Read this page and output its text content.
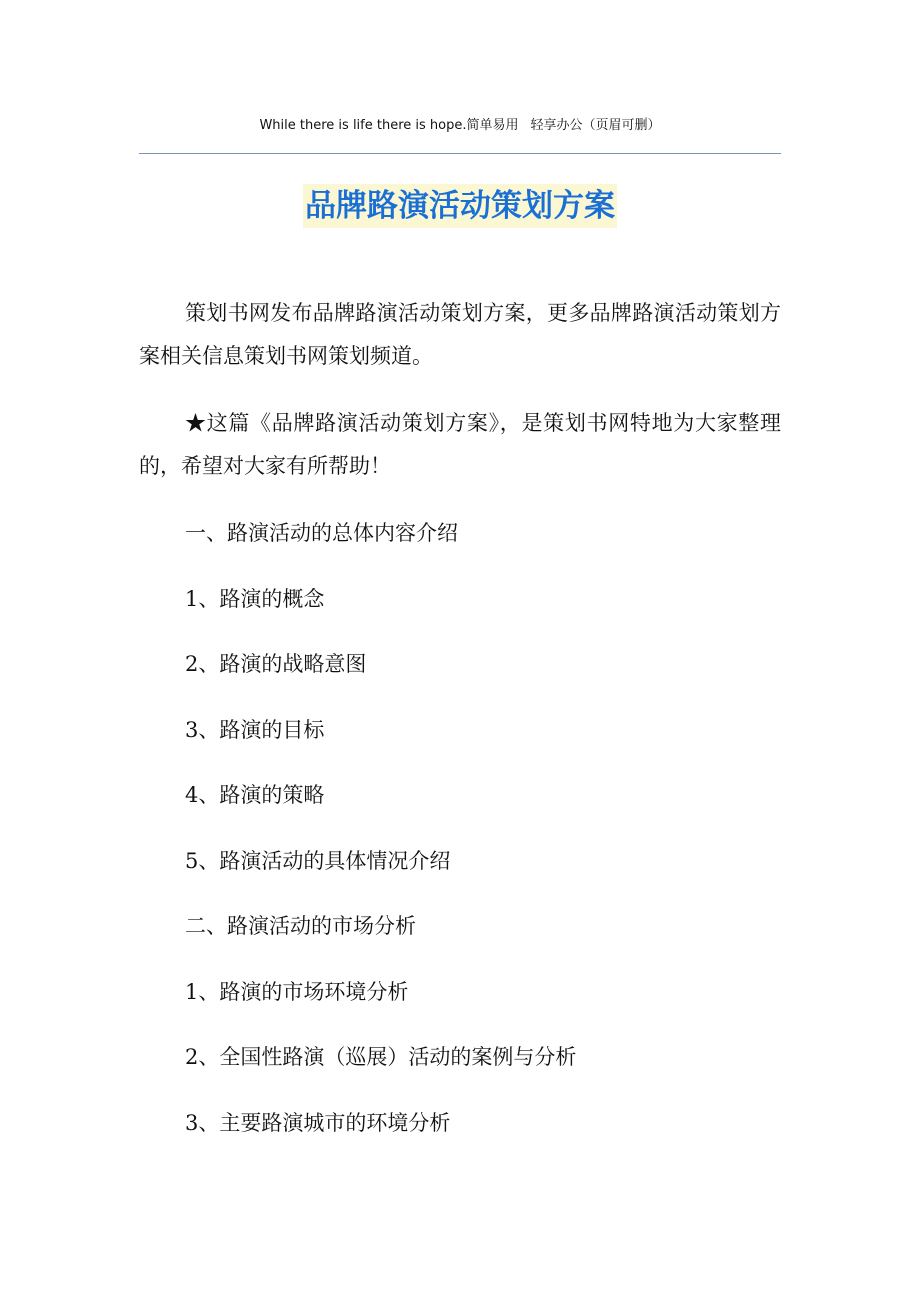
While there is life there is hope.简单易用 轻享办公（页眉可删）
品牌路演活动策划方案

策划书网发布品牌路演活动策划方案，更多品牌路演活动策划方案相关信息策划书网策划频道。

★这篇《品牌路演活动策划方案》，是策划书网特地为大家整理的，希望对大家有所帮助！

一、路演活动的总体内容介绍

1、路演的概念

2、路演的战略意图

3、路演的目标

4、路演的策略

5、路演活动的具体情况介绍

二、路演活动的市场分析

1、路演的市场环境分析

2、全国性路演（巡展）活动的案例与分析

3、主要路演城市的环境分析
